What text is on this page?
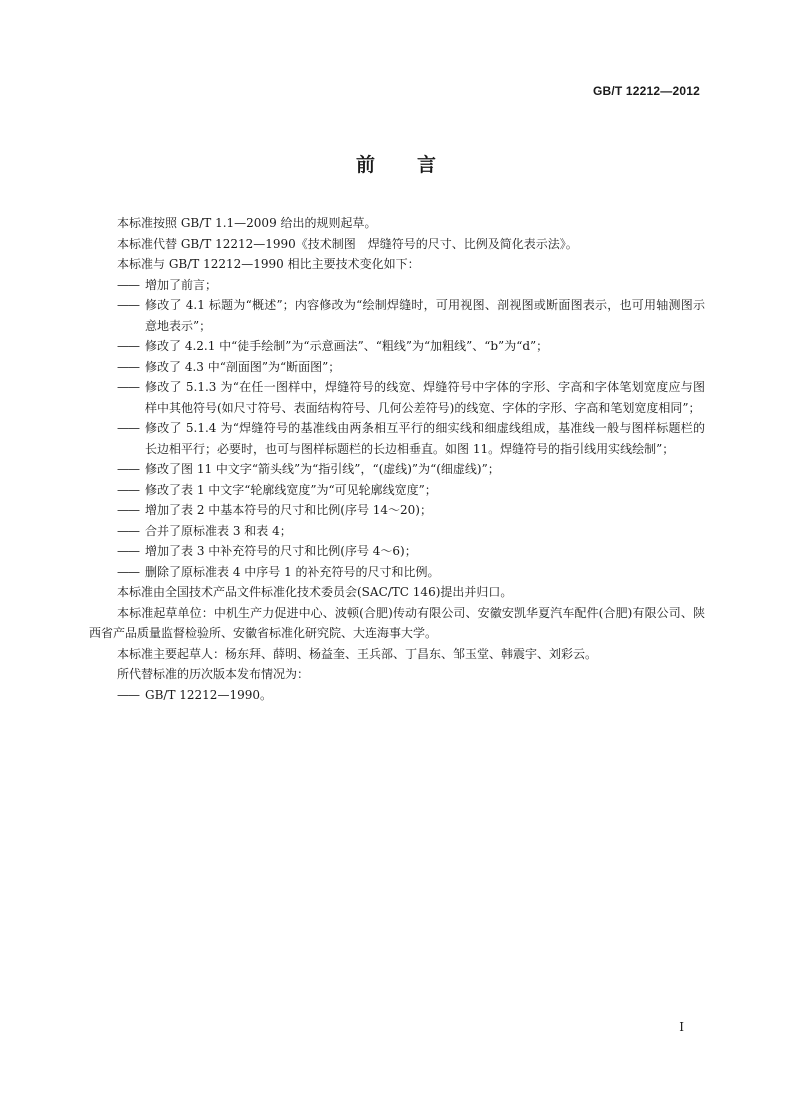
GB/T 12212—2012
前言

本标准按照 GB/T 1.1—2009 给出的规则起草。

本标准代替 GB/T 12212—1990《技术制图　焊缝符号的尺寸、比例及简化表示法》。

本标准与 GB/T 12212—1990 相比主要技术变化如下：

—— 增加了前言；

—— 修改了 4.1 标题为“概述”；内容修改为“绘制焊缝时，可用视图、剖视图或断面图表示，也可用轴测图示意地表示”；

—— 修改了 4.2.1 中“徒手绘制”为“示意画法”、“粗线”为“加粗线”、“b”为“d”；

—— 修改了 4.3 中“剖面图”为“断面图”；

—— 修改了 5.1.3 为“在任一图样中，焊缝符号的线宽、焊缝符号中字体的字形、字高和字体笔划宽度应与图样中其他符号(如尺寸符号、表面结构符号、几何公差符号)的线宽、字体的字形、字高和笔划宽度相同”；

—— 修改了 5.1.4 为“焊缝符号的基准线由两条相互平行的细实线和细虚线组成，基准线一般与图样标题栏的长边相平行；必要时，也可与图样标题栏的长边相垂直。如图 11。焊缝符号的指引线用实线绘制”；

—— 修改了图 11 中文字“箭头线”为“指引线”，“(虚线)”为“(细虚线)”；

—— 修改了表 1 中文字“轮廓线宽度”为“可见轮廓线宽度”；

—— 增加了表 2 中基本符号的尺寸和比例(序号 14～20)；

—— 合并了原标准表 3 和表 4；

—— 增加了表 3 中补充符号的尺寸和比例(序号 4～6)；

—— 删除了原标准表 4 中序号 1 的补充符号的尺寸和比例。

本标准由全国技术产品文件标准化技术委员会(SAC/TC 146)提出并归口。

本标准起草单位：中机生产力促进中心、波顿(合肥)传动有限公司、安徽安凯华夏汽车配件(合肥)有限公司、陕西省产品质量监督检验所、安徽省标准化研究院、大连海事大学。

本标准主要起草人：杨东拜、薛明、杨益奎、王兵部、丁昌东、邹玉堂、韩震宇、刘彩云。

所代替标准的历次版本发布情况为：

—— GB/T 12212—1990。

I
